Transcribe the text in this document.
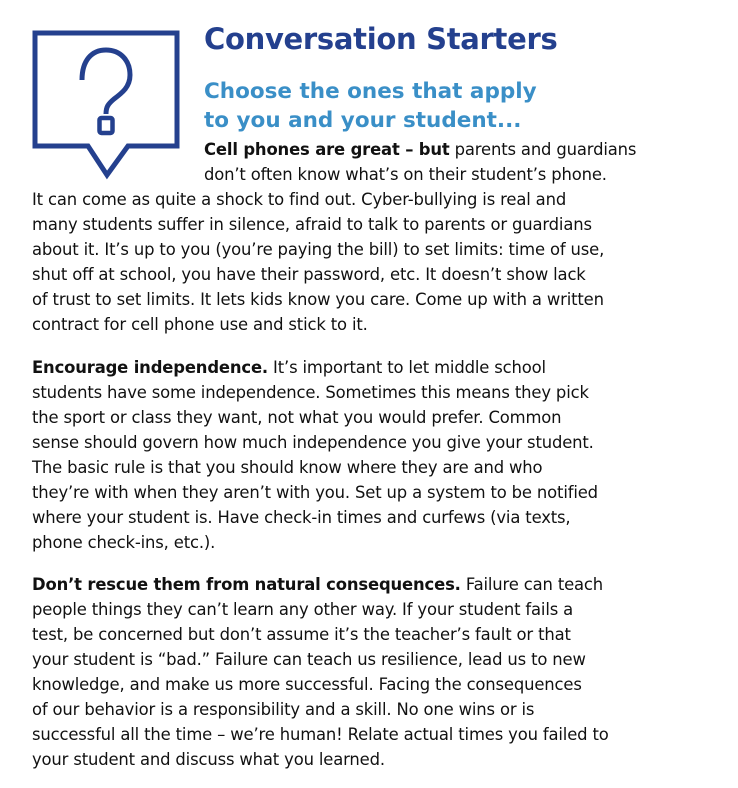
Conversation Starters
Choose the ones that apply
to you and your student...
Cell phones are great – but parents and guardians
don’t often know what’s on their student’s phone.
It can come as quite a shock to find out. Cyber-bullying is real and
many students suffer in silence, afraid to talk to parents or guardians
about it. It’s up to you (you’re paying the bill) to set limits: time of use,
shut off at school, you have their password, etc. It doesn’t show lack
of trust to set limits. It lets kids know you care. Come up with a written
contract for cell phone use and stick to it.
Encourage independence. It’s important to let middle school
students have some independence. Sometimes this means they pick
the sport or class they want, not what you would prefer. Common
sense should govern how much independence you give your student.
The basic rule is that you should know where they are and who
they’re with when they aren’t with you. Set up a system to be notified
where your student is. Have check-in times and curfews (via texts,
phone check-ins, etc.).
Don’t rescue them from natural consequences. Failure can teach
people things they can’t learn any other way. If your student fails a
test, be concerned but don’t assume it’s the teacher’s fault or that
your student is “bad.” Failure can teach us resilience, lead us to new
knowledge, and make us more successful. Facing the consequences
of our behavior is a responsibility and a skill. No one wins or is
successful all the time – we’re human! Relate actual times you failed to
your student and discuss what you learned.
